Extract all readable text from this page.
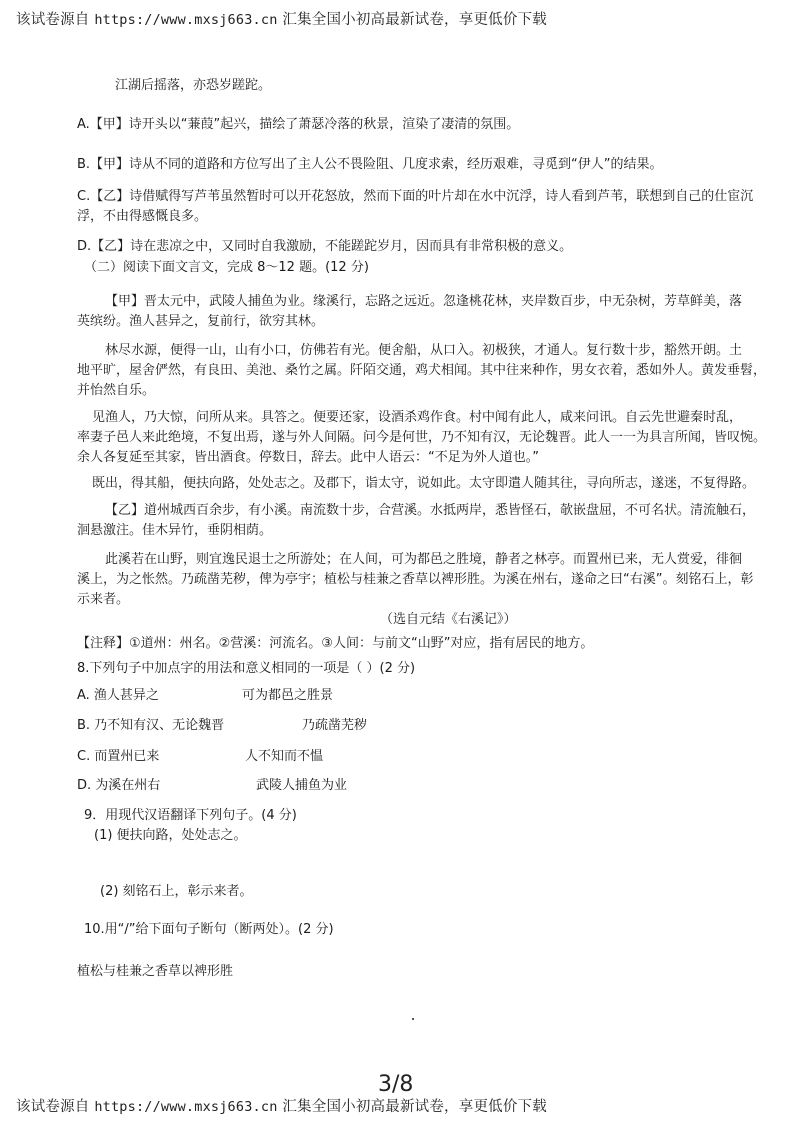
该试卷源自 https://www.mxsj663.cn 汇集全国小初高最新试卷，享更低价下载
江湖后摇落，亦恐岁蹉跎。
A.【甲】诗开头以“蒹葭”起兴，描绘了萧瑟冷落的秋景，渲染了凄清的氛围。
B.【甲】诗从不同的道路和方位写出了主人公不畏险阻、几度求索，经历艰难，寻觅到“伊人”的结果。
C.【乙】诗借赋得写芦苇虽然暂时可以开花怒放，然而下面的叶片却在水中沉浮，诗人看到芦苇，联想到自己的仕宦沉
浮，不由得感慨良多。
D.【乙】诗在悲凉之中，又同时自我激励，不能蹉跎岁月，因而具有非常积极的意义。
（二）阅读下面文言文，完成 8～12 题。(12 分)
【甲】晋太元中，武陵人捕鱼为业。缘溪行，忘路之远近。忽逢桃花林，夹岸数百步，中无杂树，芳草鲜美，落
英缤纷。渔人甚异之，复前行，欲穷其林。
林尽水源，便得一山，山有小口，仿佛若有光。便舍船，从口入。初极狭，才通人。复行数十步，豁然开朗。土
地平旷，屋舍俨然，有良田、美池、桑竹之属。阡陌交通，鸡犬相闻。其中往来种作，男女衣着，悉如外人。黄发垂髫，
并怡然自乐。
见渔人，乃大惊，问所从来。具答之。便要还家，设酒杀鸡作食。村中闻有此人，咸来问讯。自云先世避秦时乱，
率妻子邑人来此绝境，不复出焉，遂与外人间隔。问今是何世，乃不知有汉，无论魏晋。此人一一为具言所闻，皆叹惋。
余人各复延至其家，皆出酒食。停数日，辞去。此中人语云：“不足为外人道也。”
既出，得其船，便扶向路，处处志之。及郡下，诣太守，说如此。太守即遣人随其往，寻向所志，遂迷，不复得路。
【乙】道州城西百余步，有小溪。南流数十步，合营溪。水抵两岸，悉皆怪石，欹嵌盘屈，不可名状。清流触石，
洄悬激注。佳木异竹，垂阴相荫。
此溪若在山野，则宜逸民退士之所游处；在人间，可为都邑之胜境，静者之林亭。而置州已来，无人赏爱，徘徊
溪上，为之怅然。乃疏凿芜秽，俾为亭宇；植松与桂兼之香草以裨形胜。为溪在州右，遂命之曰“右溪”。刻铭石上，彰
示来者。
（选自元结《右溪记》）
【注释】①道州：州名。②营溪：河流名。③人间：与前文“山野”对应，指有居民的地方。
8.下列句子中加点字的用法和意义相同的一项是（ ）(2 分)
A. 渔人甚异之	可为都邑之胜景
B. 乃不知有汉、无论魏晋	乃疏凿芜秽
C. 而置州已来	人不知而不愠
D. 为溪在州右	武陵人捕鱼为业
9．用现代汉语翻译下列句子。(4 分)
(1) 便扶向路，处处志之。
(2) 刻铭石上，彰示来者。
10.用“/”给下面句子断句（断两处）。(2 分)
植松与桂兼之香草以裨形胜
3/8
该试卷源自 https://www.mxsj663.cn 汇集全国小初高最新试卷，享更低价下载
